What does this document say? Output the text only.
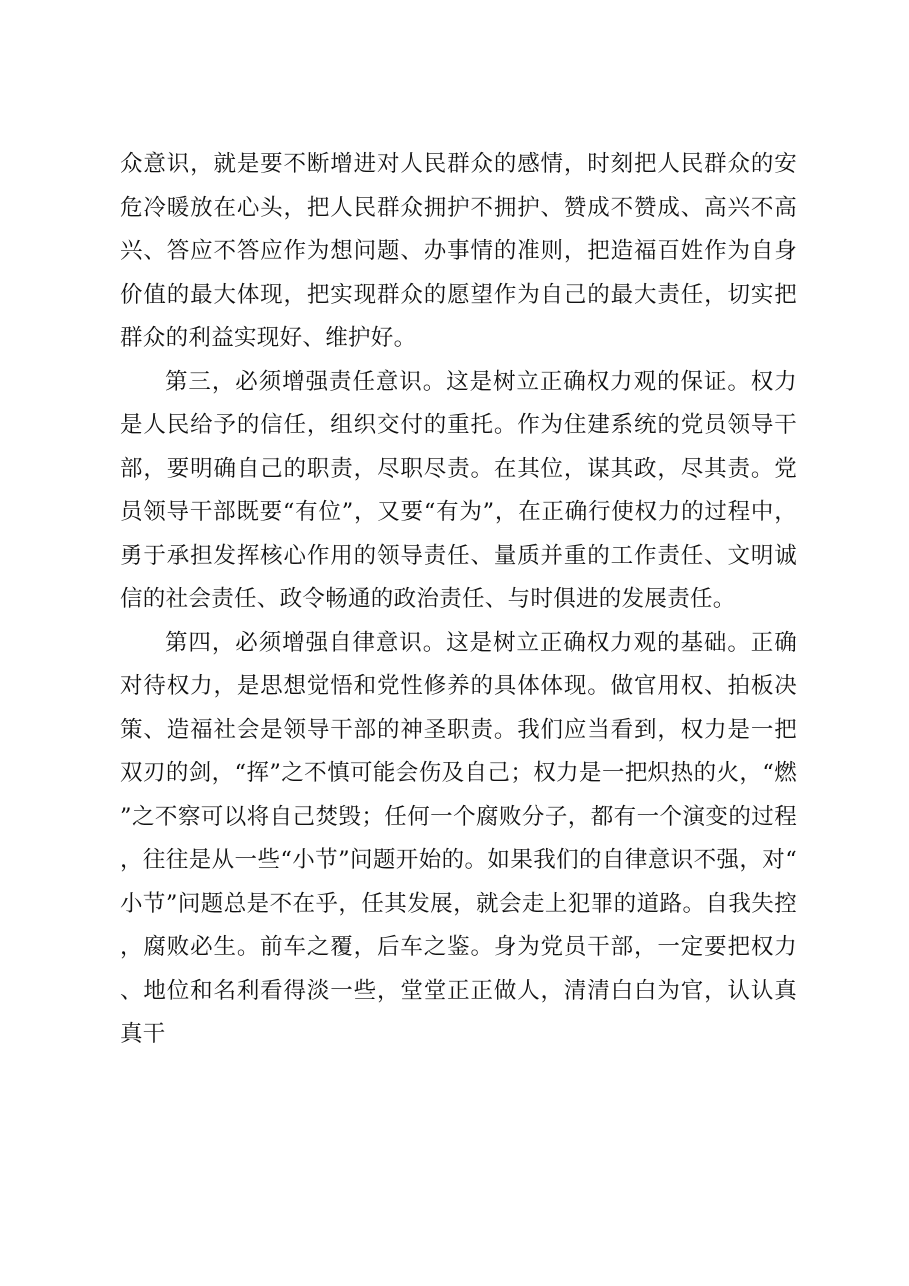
众意识，就是要不断增进对人民群众的感情，时刻把人民群众的安危冷暖放在心头，把人民群众拥护不拥护、赞成不赞成、高兴不高兴、答应不答应作为想问题、办事情的准则，把造福百姓作为自身价值的最大体现，把实现群众的愿望作为自己的最大责任，切实把群众的利益实现好、维护好。

第三，必须增强责任意识。这是树立正确权力观的保证。权力是人民给予的信任，组织交付的重托。作为住建系统的党员领导干部，要明确自己的职责，尽职尽责。在其位，谋其政，尽其责。党员领导干部既要“有位”，又要“有为”，在正确行使权力的过程中，勇于承担发挥核心作用的领导责任、量质并重的工作责任、文明诚信的社会责任、政令畅通的政治责任、与时俱进的发展责任。

第四，必须增强自律意识。这是树立正确权力观的基础。正确对待权力，是思想觉悟和党性修养的具体体现。做官用权、拍板决策、造福社会是领导干部的神圣职责。我们应当看到，权力是一把双刃的剑，“挥”之不慎可能会伤及自己；权力是一把炽热的火，“燃”之不察可以将自己焚毁；任何一个腐败分子，都有一个演变的过程，往往是从一些“小节”问题开始的。如果我们的自律意识不强，对“小节”问题总是不在乎，任其发展，就会走上犯罪的道路。自我失控，腐败必生。前车之覆，后车之鉴。身为党员干部，一定要把权力、地位和名利看得淡一些，堂堂正正做人，清清白白为官，认认真真干
